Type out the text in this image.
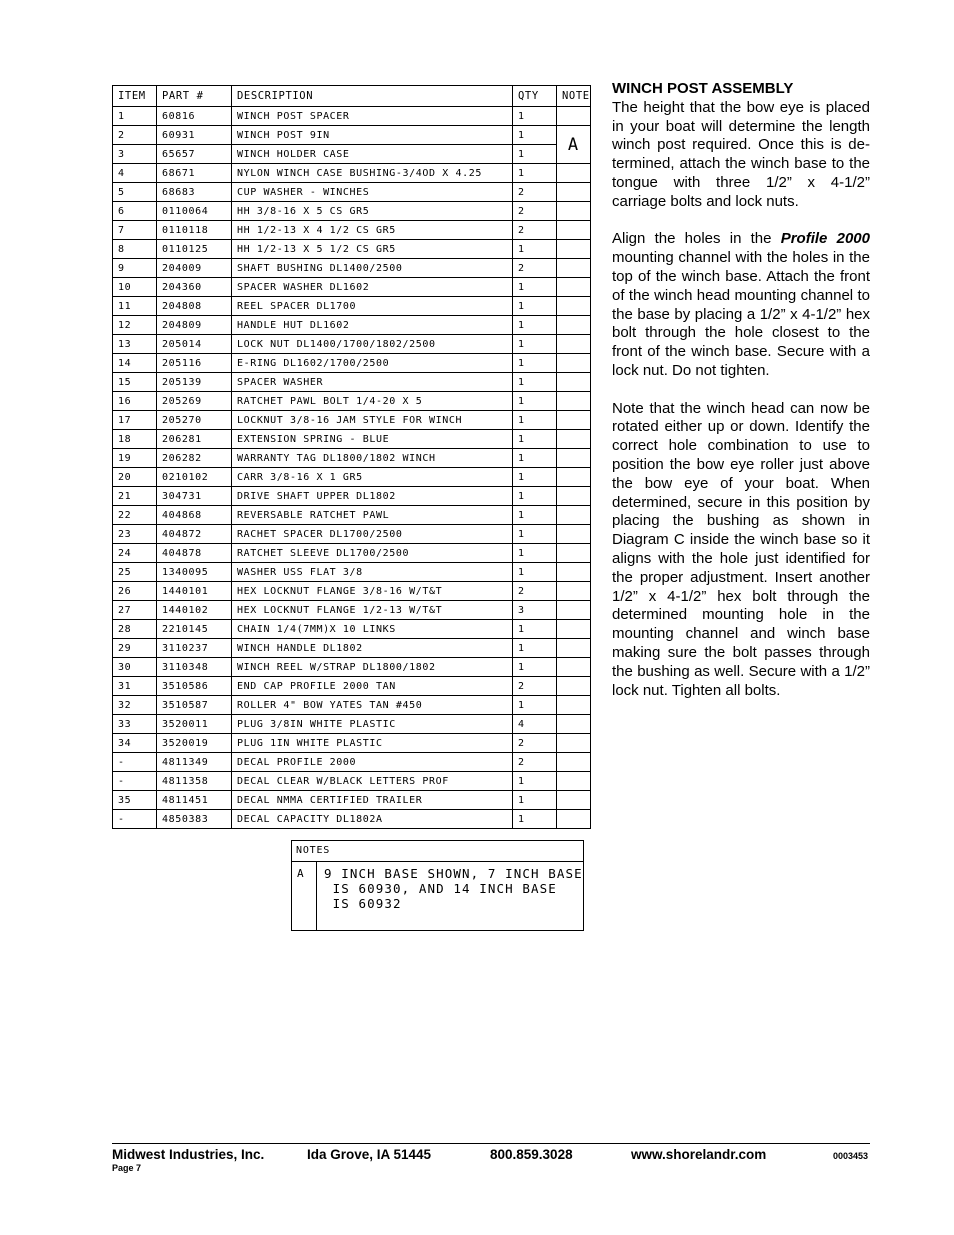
ITEM	PART #	DESCRIPTION	QTY	NOTE
1	60816	WINCH POST SPACER	1	
2	60931	WINCH POST 9IN	1	A
3	65657	WINCH HOLDER CASE	1	
4	68671	NYLON WINCH CASE BUSHING-3/4OD X 4.25	1	
5	68683	CUP WASHER - WINCHES	2	
6	0110064	HH 3/8-16 X 5 CS GR5	2	
7	0110118	HH 1/2-13 X 4 1/2 CS GR5	2	
8	0110125	HH 1/2-13 X 5 1/2 CS GR5	1	
9	204009	SHAFT BUSHING DL1400/2500	2	
10	204360	SPACER WASHER DL1602	1	
11	204808	REEL SPACER DL1700	1	
12	204809	HANDLE HUT DL1602	1	
13	205014	LOCK NUT DL1400/1700/1802/2500	1	
14	205116	E-RING DL1602/1700/2500	1	
15	205139	SPACER WASHER	1	
16	205269	RATCHET PAWL BOLT 1/4-20 X 5	1	
17	205270	LOCKNUT 3/8-16 JAM STYLE FOR WINCH	1	
18	206281	EXTENSION SPRING - BLUE	1	
19	206282	WARRANTY TAG DL1800/1802 WINCH	1	
20	0210102	CARR 3/8-16 X 1 GR5	1	
21	304731	DRIVE SHAFT UPPER DL1802	1	
22	404868	REVERSABLE RATCHET PAWL	1	
23	404872	RACHET SPACER DL1700/2500	1	
24	404878	RATCHET SLEEVE DL1700/2500	1	
25	1340095	WASHER USS FLAT 3/8	1	
26	1440101	HEX LOCKNUT FLANGE 3/8-16 W/T&T	2	
27	1440102	HEX LOCKNUT FLANGE 1/2-13 W/T&T	3	
28	2210145	CHAIN 1/4(7MM)X 10 LINKS	1	
29	3110237	WINCH HANDLE DL1802	1	
30	3110348	WINCH REEL W/STRAP DL1800/1802	1	
31	3510586	END CAP PROFILE 2000 TAN	2	
32	3510587	ROLLER 4" BOW YATES TAN #450	1	
33	3520011	PLUG 3/8IN WHITE PLASTIC	4	
34	3520019	PLUG 1IN WHITE PLASTIC	2	
-	4811349	DECAL PROFILE 2000	2	
-	4811358	DECAL CLEAR W/BLACK LETTERS PROF	1	
35	4811451	DECAL NMMA CERTIFIED TRAILER	1	
-	4850383	DECAL CAPACITY DL1802A	1	
NOTES
A	9 INCH BASE SHOWN, 7 INCH BASE
IS 60930, AND 14 INCH BASE
IS 60932

WINCH POST ASSEMBLY
The height that the bow eye is placed in your boat will determine the length winch post required. Once this is determined, attach the winch base to the tongue with three 1/2” x 4-1/2” carriage bolts and lock nuts.

Align the holes in the Profile 2000 mounting channel with the holes in the top of the winch base. Attach the front of the winch head mounting channel to the base by placing a 1/2” x 4-1/2” hex bolt through the hole closest to the front of the winch base. Secure with a lock nut. Do not tighten.

Note that the winch head can now be rotated either up or down. Identify the correct hole combination to use to position the bow eye roller just above the bow eye of your boat. When determined, secure in this position by placing the bushing as shown in Diagram C inside the winch base so it aligns with the hole just identified for the proper adjustment. Insert another 1/2” x 4-1/2” hex bolt through the determined mounting hole in the mounting channel and winch base making sure the bolt passes through the bushing as well. Secure with a 1/2” lock nut. Tighten all bolts.

Midwest Industries, Inc.	Ida Grove, IA 51445	800.859.3028	www.shorelandr.com	0003453
Page 7
